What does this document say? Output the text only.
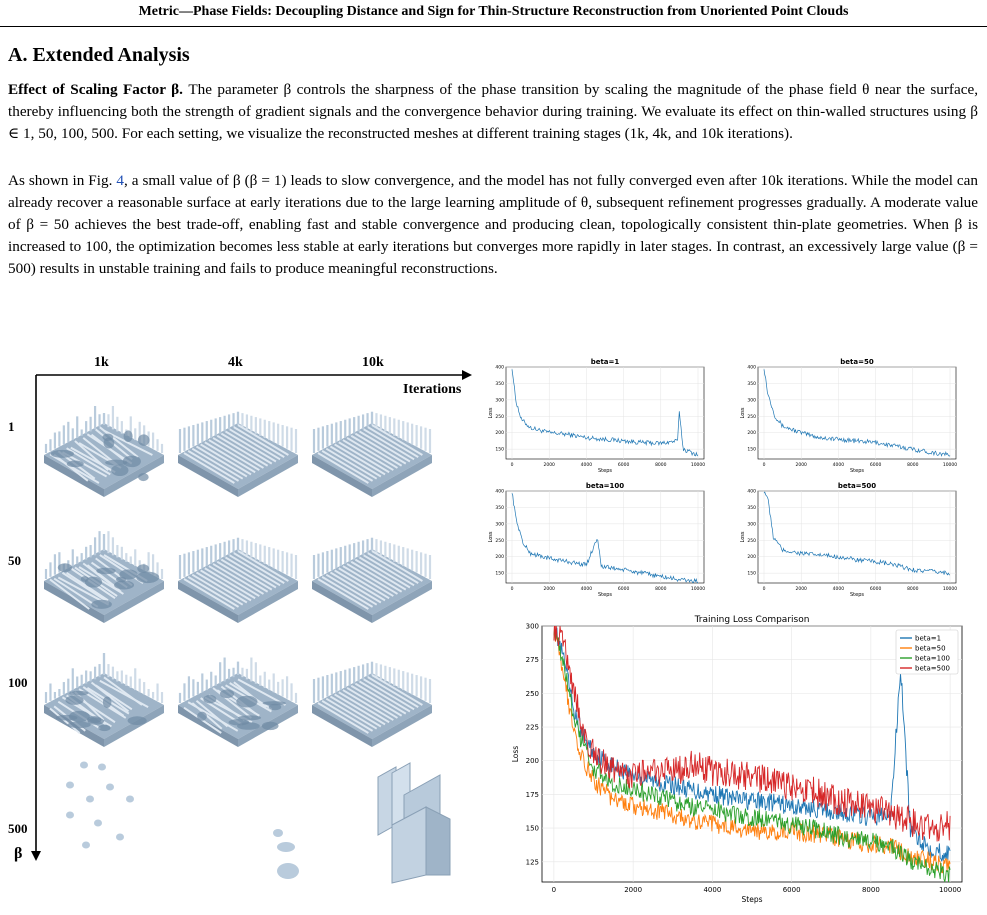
Metric—Phase Fields: Decoupling Distance and Sign for Thin-Structure Reconstruction from Unoriented Point Clouds
A. Extended Analysis

Effect of Scaling Factor β. The parameter β controls the sharpness of the phase transition by scaling the magnitude of the phase field θ near the surface, thereby influencing both the strength of gradient signals and the convergence behavior during training. We evaluate its effect on thin-walled structures using β ∈ 1, 50, 100, 500. For each setting, we visualize the reconstructed meshes at different training stages (1k, 4k, and 10k iterations).

As shown in Fig. 4, a small value of β (β = 1) leads to slow convergence, and the model has not fully converged even after 10k iterations. While the model can already recover a reasonable surface at early iterations due to the large learning amplitude of θ, subsequent refinement progresses gradually. A moderate value of β = 50 achieves the best trade-off, enabling fast and stable convergence and producing clean, topologically consistent thin-plate geometries. When β is increased to 100, the optimization becomes less stable at early iterations but converges more rapidly in later stages. In contrast, an excessively large value (β = 500) results in unstable training and fails to produce meaningful reconstructions.

1k	4k	10k
Iterations
1
50
100
500
β
beta=1
0	2000	4000	6000	8000	10000
150
200
250
300
350
400
Steps
Loss
beta=50
0	2000	4000	6000	8000	10000
150
200
250
300
350
400
Steps
Loss
beta=100
0	2000	4000	6000	8000	10000
150
200
250
300
350
400
Steps
Loss
beta=500
0	2000	4000	6000	8000	10000
150
200
250
300
350
400
Steps
Loss
Training Loss Comparison
0	2000	4000	6000	8000	10000
125
150
175
200
225
250
275
300
Steps
Loss
beta=1
beta=50
beta=100
beta=500
